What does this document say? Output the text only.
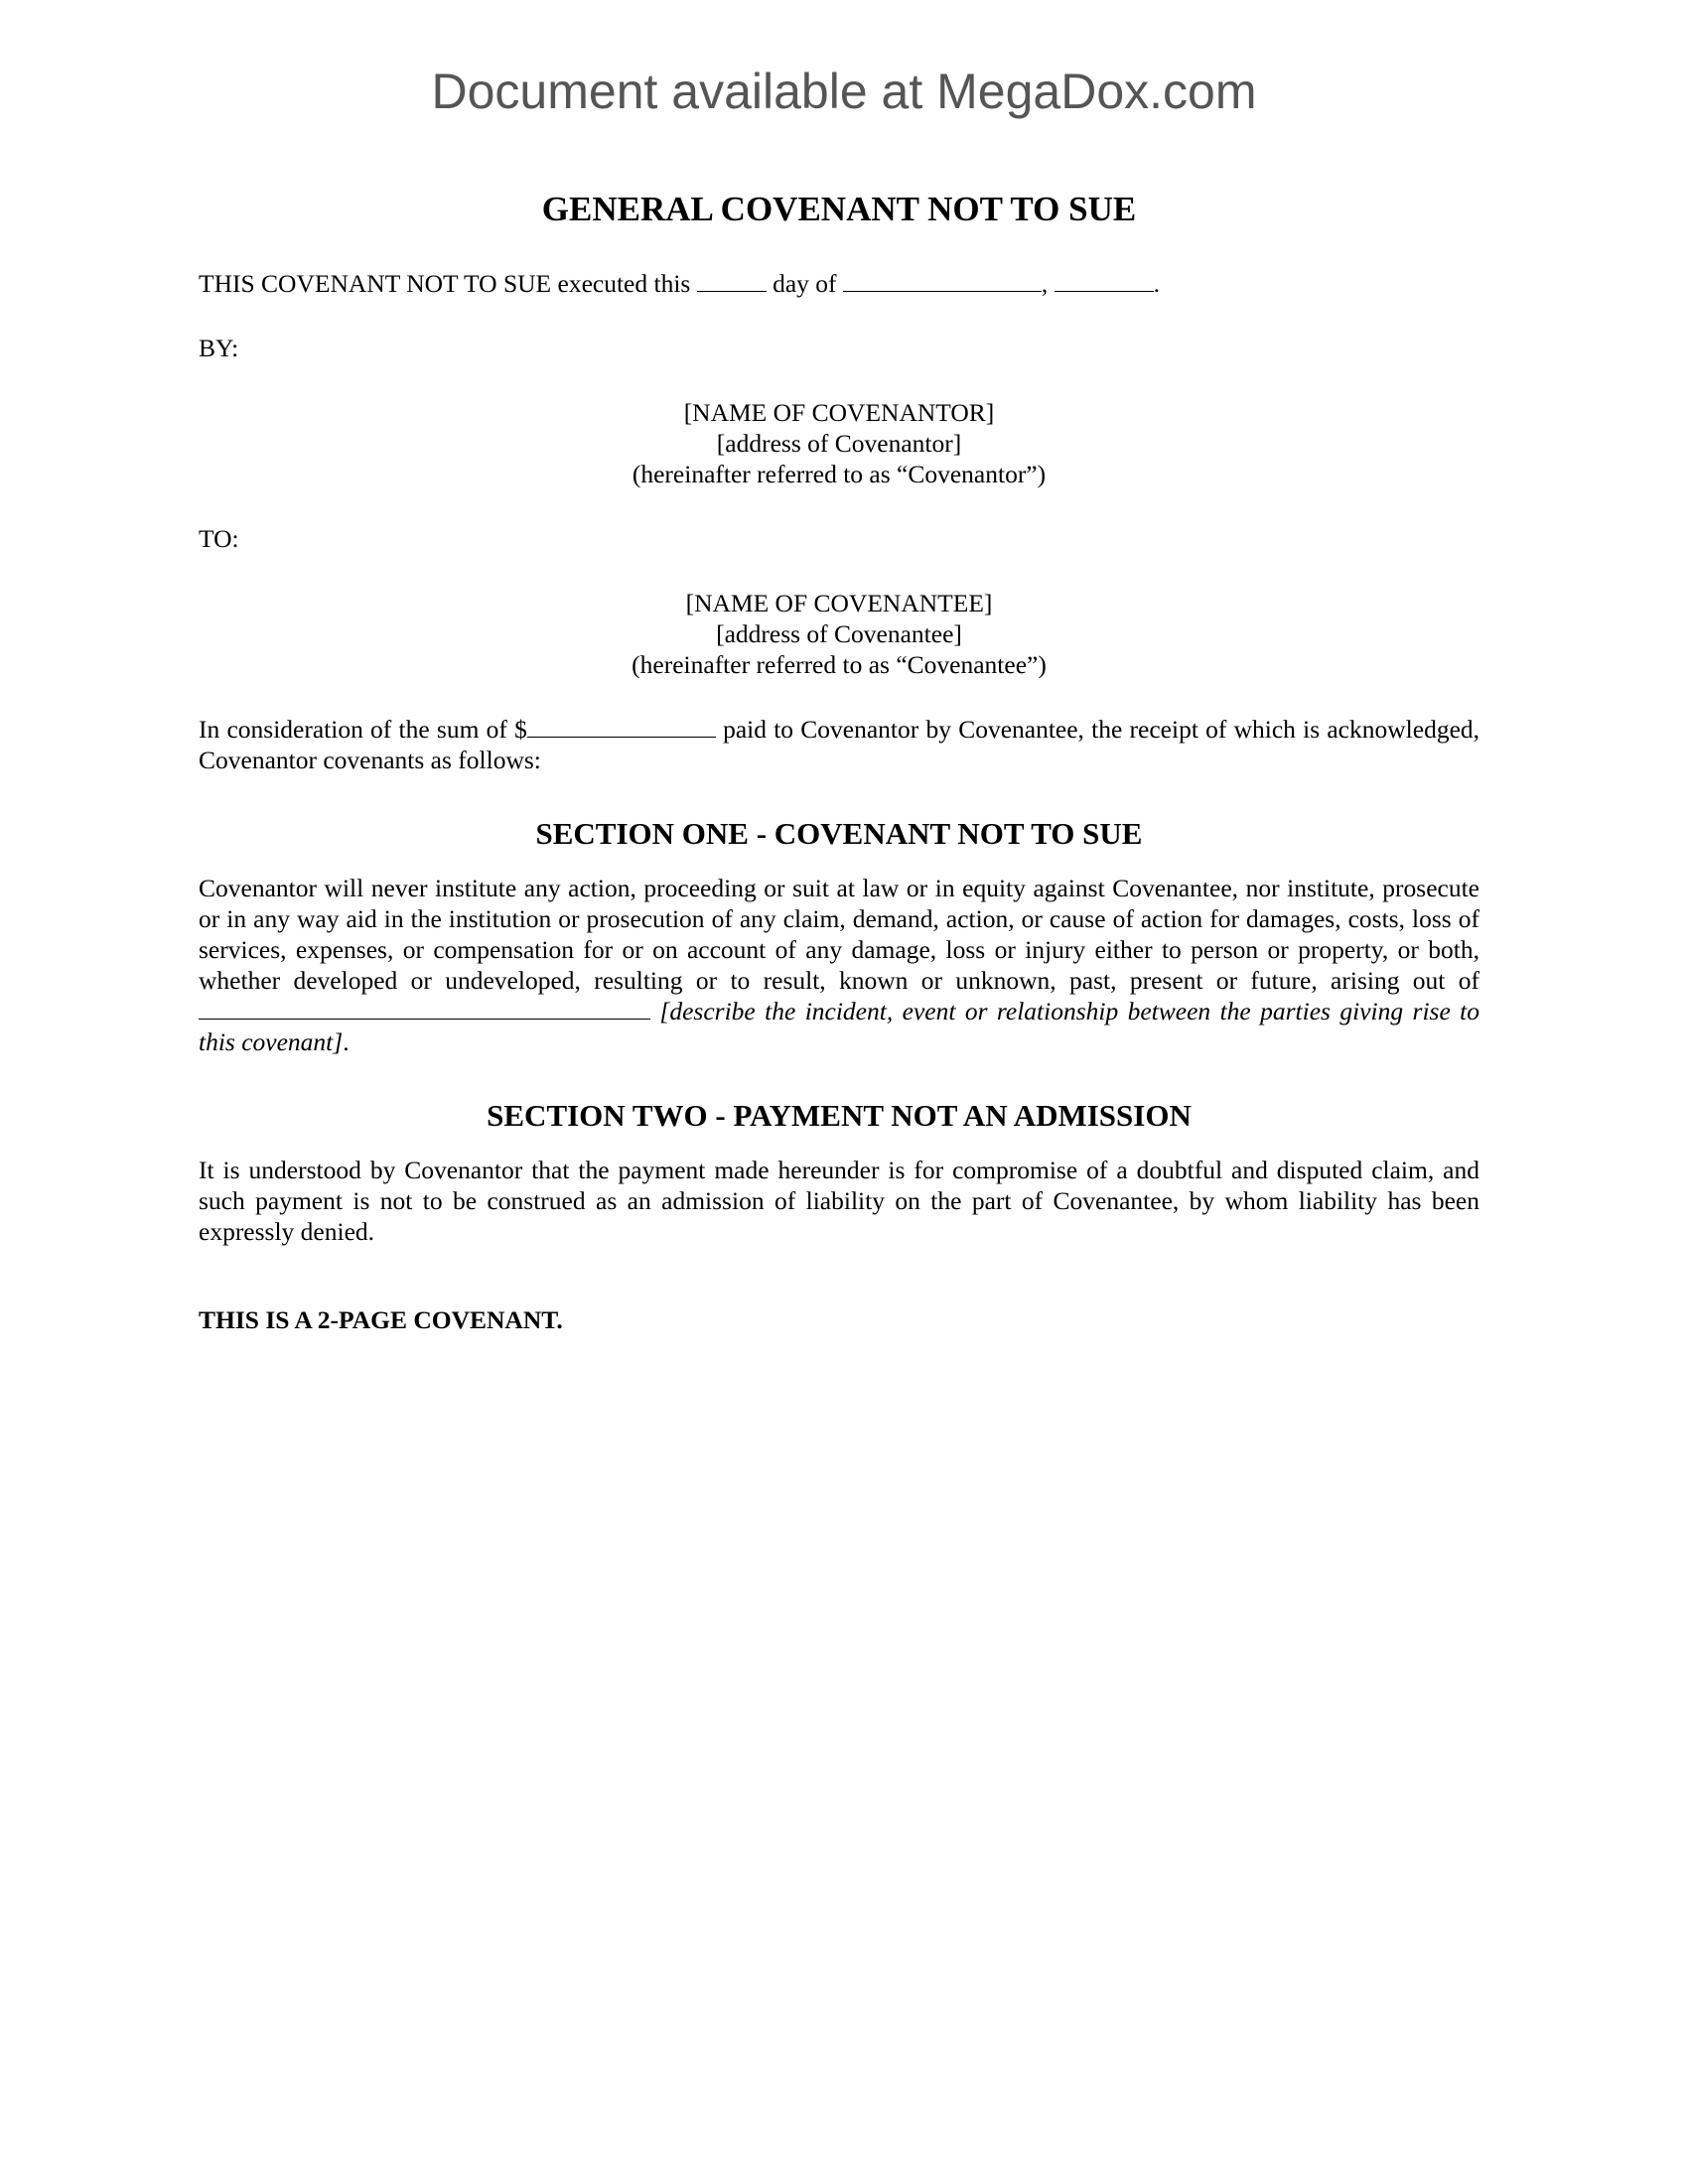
Document available at MegaDox.com
GENERAL COVENANT NOT TO SUE

THIS COVENANT NOT TO SUE executed this	day of	,	.

BY:

[NAME OF COVENANTOR]
[address of Covenantor]
(hereinafter referred to as “Covenantor”)

TO:

[NAME OF COVENANTEE]
[address of Covenantee]
(hereinafter referred to as “Covenantee”)

In consideration of the sum of $	paid to Covenantor by Covenantee, the receipt of which is acknowledged, Covenantor covenants as follows:

SECTION ONE - COVENANT NOT TO SUE

Covenantor will never institute any action, proceeding or suit at law or in equity against Covenantee, nor institute, prosecute or in any way aid in the institution or prosecution of any claim, demand, action, or cause of action for damages, costs, loss of services, expenses, or compensation for or on account of any damage, loss or injury either to person or property, or both, whether developed or undeveloped, resulting or to result, known or unknown, past, present or future, arising out of  [describe the incident, event or relationship between the parties giving rise to this covenant].

SECTION TWO - PAYMENT NOT AN ADMISSION

It is understood by Covenantor that the payment made hereunder is for compromise of a doubtful and disputed claim, and such payment is not to be construed as an admission of liability on the part of Covenantee, by whom liability has been expressly denied.

THIS IS A 2-PAGE COVENANT.
